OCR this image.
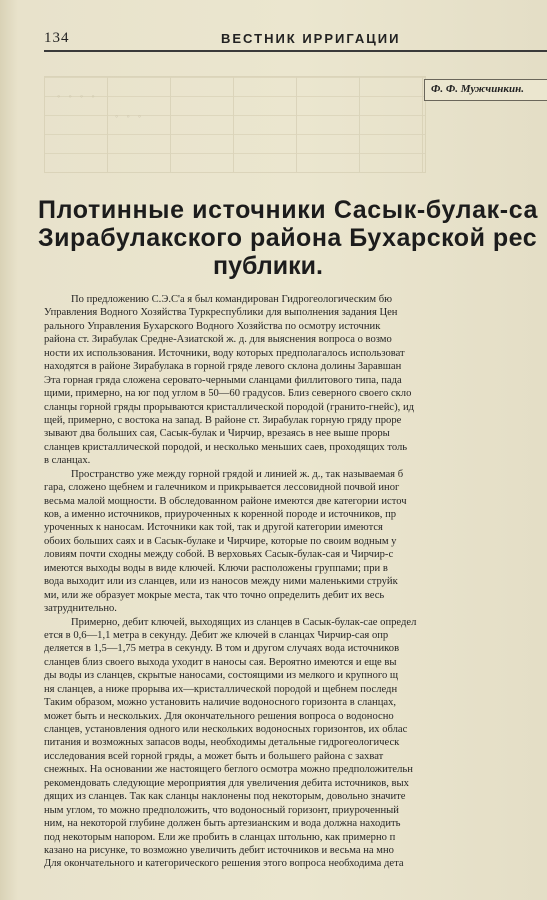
134	ВЕСТНИК ИРРИГАЦИИ
◦ ◦ ◦ ◦
◦ ◦ ◦
Ф. Ф. Мужчинкин.
Плотинные источники Сасык-булак-са
Зирабулакского района Бухарской рес
публики.
По предложению С.Э.С'а я был командирован Гидрогеологическим бю
Управления Водного Хозяйства Туркреспублики для выполнения задания Цен
рального Управления Бухарского Водного Хозяйства по осмотру источник
района ст. Зирабулак Средне-Азиатской ж. д. для выяснения вопроса о возмо
ности их использования. Источники, воду которых предполагалось использоват
находятся в районе Зирабулака в горной гряде левого склона долины Заравшан
Эта горная гряда сложена серовато-черными сланцами филлитового типа, пада
щими, примерно, на юг под углом в 50—60 градусов. Близ северного своего скло
сланцы горной гряды прорываются кристаллической породой (гранито-гнейс), ид
щей, примерно, с востока на запад. В районе ст. Зирабулак горную гряду проре
зывают два больших сая, Сасык-булак и Чирчир, врезаясь в нее выше проры
сланцев кристаллической породой, и несколько меньших саев, проходящих толь
в сланцах.
Пространство уже между горной грядой и линией ж. д., так называемая б
гара, сложено щебнем и галечником и прикрывается лессовидной почвой иног
весьма малой мощности. В обследованном районе имеются две категории источ
ков, а именно источников, приуроченных к коренной породе и источников, пр
уроченных к наносам. Источники как той, так и другой категории имеются
обоих больших саях и в Сасык-булаке и Чирчире, которые по своим водным у
ловиям почти сходны между собой. В верховьях Сасык-булак-сая и Чирчир-с
имеются выходы воды в виде ключей. Ключи расположены группами; при в
вода выходит или из сланцев, или из наносов между ними маленькими струйк
ми, или же образует мокрые места, так что точно определить дебит их весь
затруднительно.
Примерно, дебит ключей, выходящих из сланцев в Сасык-булак-сае определ
ется в 0,6—1,1 метра в секунду. Дебит же ключей в сланцах Чирчир-сая опр
деляется в 1,5—1,75 метра в секунду. В том и другом случаях вода источников
сланцев близ своего выхода уходит в наносы сая. Вероятно имеются и еще вы
ды воды из сланцев, скрытые наносами, состоящими из мелкого и крупного щ
ня сланцев, а ниже прорыва их—кристаллической породой и щебнем последн
Таким образом, можно установить наличие водоносного горизонта в сланцах,
может быть и нескольких. Для окончательного решения вопроса о водоносно
сланцев, установления одного или нескольких водоносных горизонтов, их облас
питания и возможных запасов воды, необходимы детальные гидрогеологическ
исследования всей горной гряды, а может быть и большего района с захват
снежных. На основании же настоящего беглого осмотра можно предположительн
рекомендовать следующие мероприятия для увеличения дебита источников, вых
дящих из сланцев. Так как сланцы наклонены под некоторым, довольно значите
ным углом, то можно предположить, что водоносный горизонт, приуроченный
ним, на некоторой глубине должен быть артезианским и вода должна находить
под некоторым напором. Ели же пробить в сланцах штольню, как примерно п
казано на рисунке, то возможно увеличить дебит источников и весьма на мно
Для окончательного и категорического решения этого вопроса необходима дета
